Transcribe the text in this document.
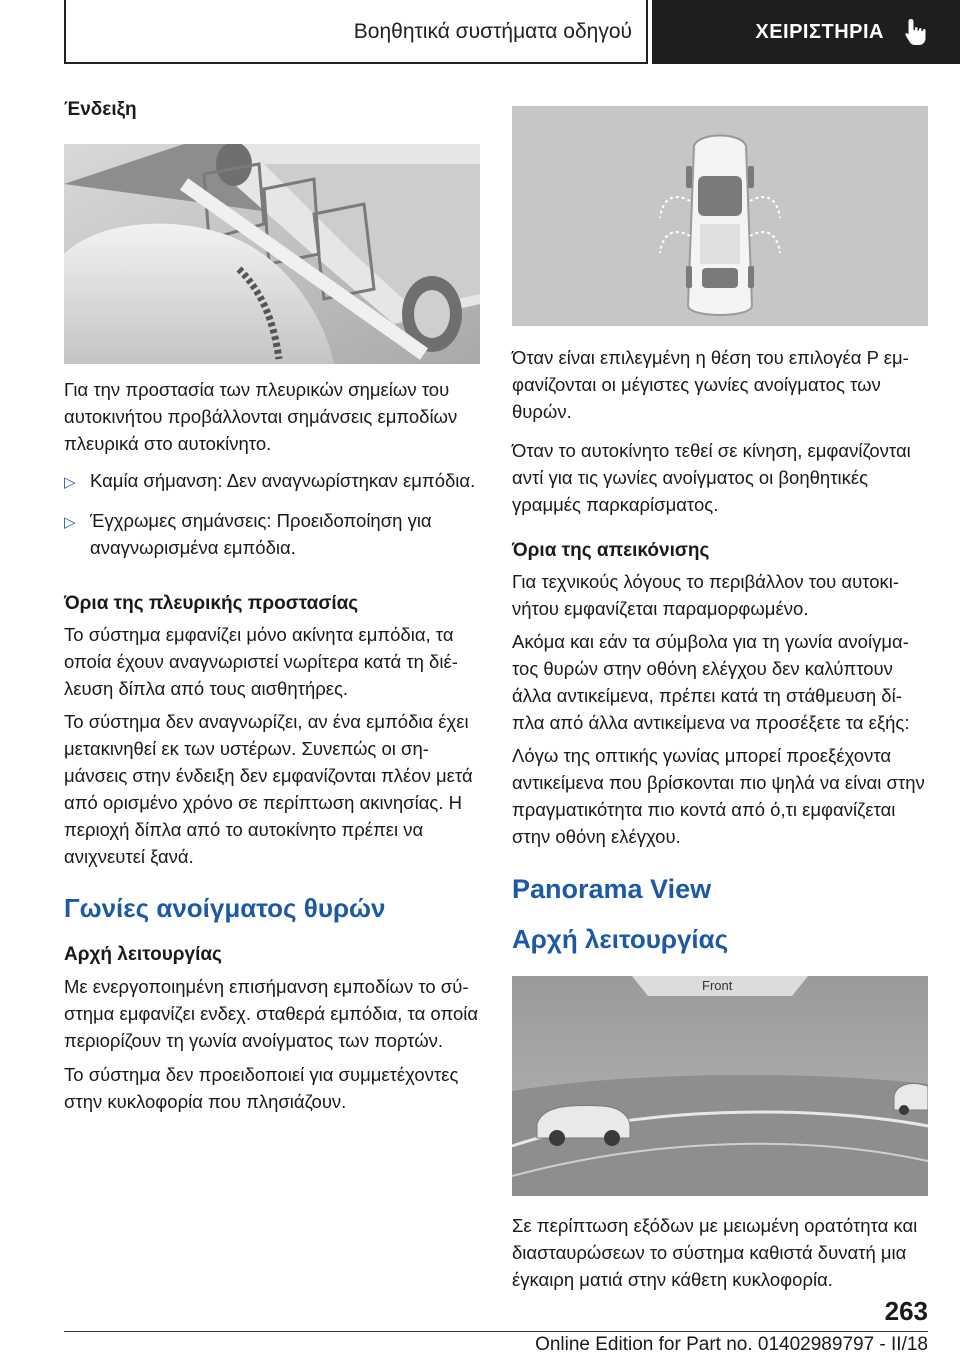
Βοηθητικά συστήματα οδηγού	ΧΕΙΡΙΣΤΗΡΙΑ

Ένδειξη

Για την προστασία των πλευρικών σημείων του αυτοκινήτου προβάλλονται σημάνσεις εμποδίων πλευρικά στο αυτοκίνητο.

▷ Καμία σήμανση: Δεν αναγνωρίστηκαν εμπόδια.
▷ Έγχρωμες σημάνσεις: Προειδοποίηση για αναγνωρισμένα εμπόδια.

Όρια της πλευρικής προστασίας

Το σύστημα εμφανίζει μόνο ακίνητα εμπόδια, τα οποία έχουν αναγνωριστεί νωρίτερα κατά τη διέλευση δίπλα από τους αισθητήρες.

Το σύστημα δεν αναγνωρίζει, αν ένα εμπόδια έχει μετακινηθεί εκ των υστέρων. Συνεπώς οι σημάνσεις στην ένδειξη δεν εμφανίζονται πλέον μετά από ορισμένο χρόνο σε περίπτωση ακινησίας. Η περιοχή δίπλα από το αυτοκίνητο πρέπει να ανιχνευτεί ξανά.

Γωνίες ανοίγματος θυρών

Αρχή λειτουργίας

Με ενεργοποιημένη επισήμανση εμποδίων το σύστημα εμφανίζει ενδεχ. σταθερά εμπόδια, τα οποία περιορίζουν τη γωνία ανοίγματος των πορτών.

Το σύστημα δεν προειδοποιεί για συμμετέχοντες στην κυκλοφορία που πλησιάζουν.

Όταν είναι επιλεγμένη η θέση του επιλογέα P εμφανίζονται οι μέγιστες γωνίες ανοίγματος των θυρών.

Όταν το αυτοκίνητο τεθεί σε κίνηση, εμφανίζονται αντί για τις γωνίες ανοίγματος οι βοηθητικές γραμμές παρκαρίσματος.

Όρια της απεικόνισης

Για τεχνικούς λόγους το περιβάλλον του αυτοκινήτου εμφανίζεται παραμορφωμένο.

Ακόμα και εάν τα σύμβολα για τη γωνία ανοίγματος θυρών στην οθόνη ελέγχου δεν καλύπτουν άλλα αντικείμενα, πρέπει κατά τη στάθμευση δίπλα από άλλα αντικείμενα να προσέξετε τα εξής:

Λόγω της οπτικής γωνίας μπορεί προεξέχοντα αντικείμενα που βρίσκονται πιο ψηλά να είναι στην πραγματικότητα πιο κοντά από ό,τι εμφανίζεται στην οθόνη ελέγχου.

Panorama View

Αρχή λειτουργίας

Front

Σε περίπτωση εξόδων με μειωμένη ορατότητα και διασταυρώσεων το σύστημα καθιστά δυνατή μια έγκαιρη ματιά στην κάθετη κυκλοφορία.

263
Online Edition for Part no. 01402989797 - II/18
